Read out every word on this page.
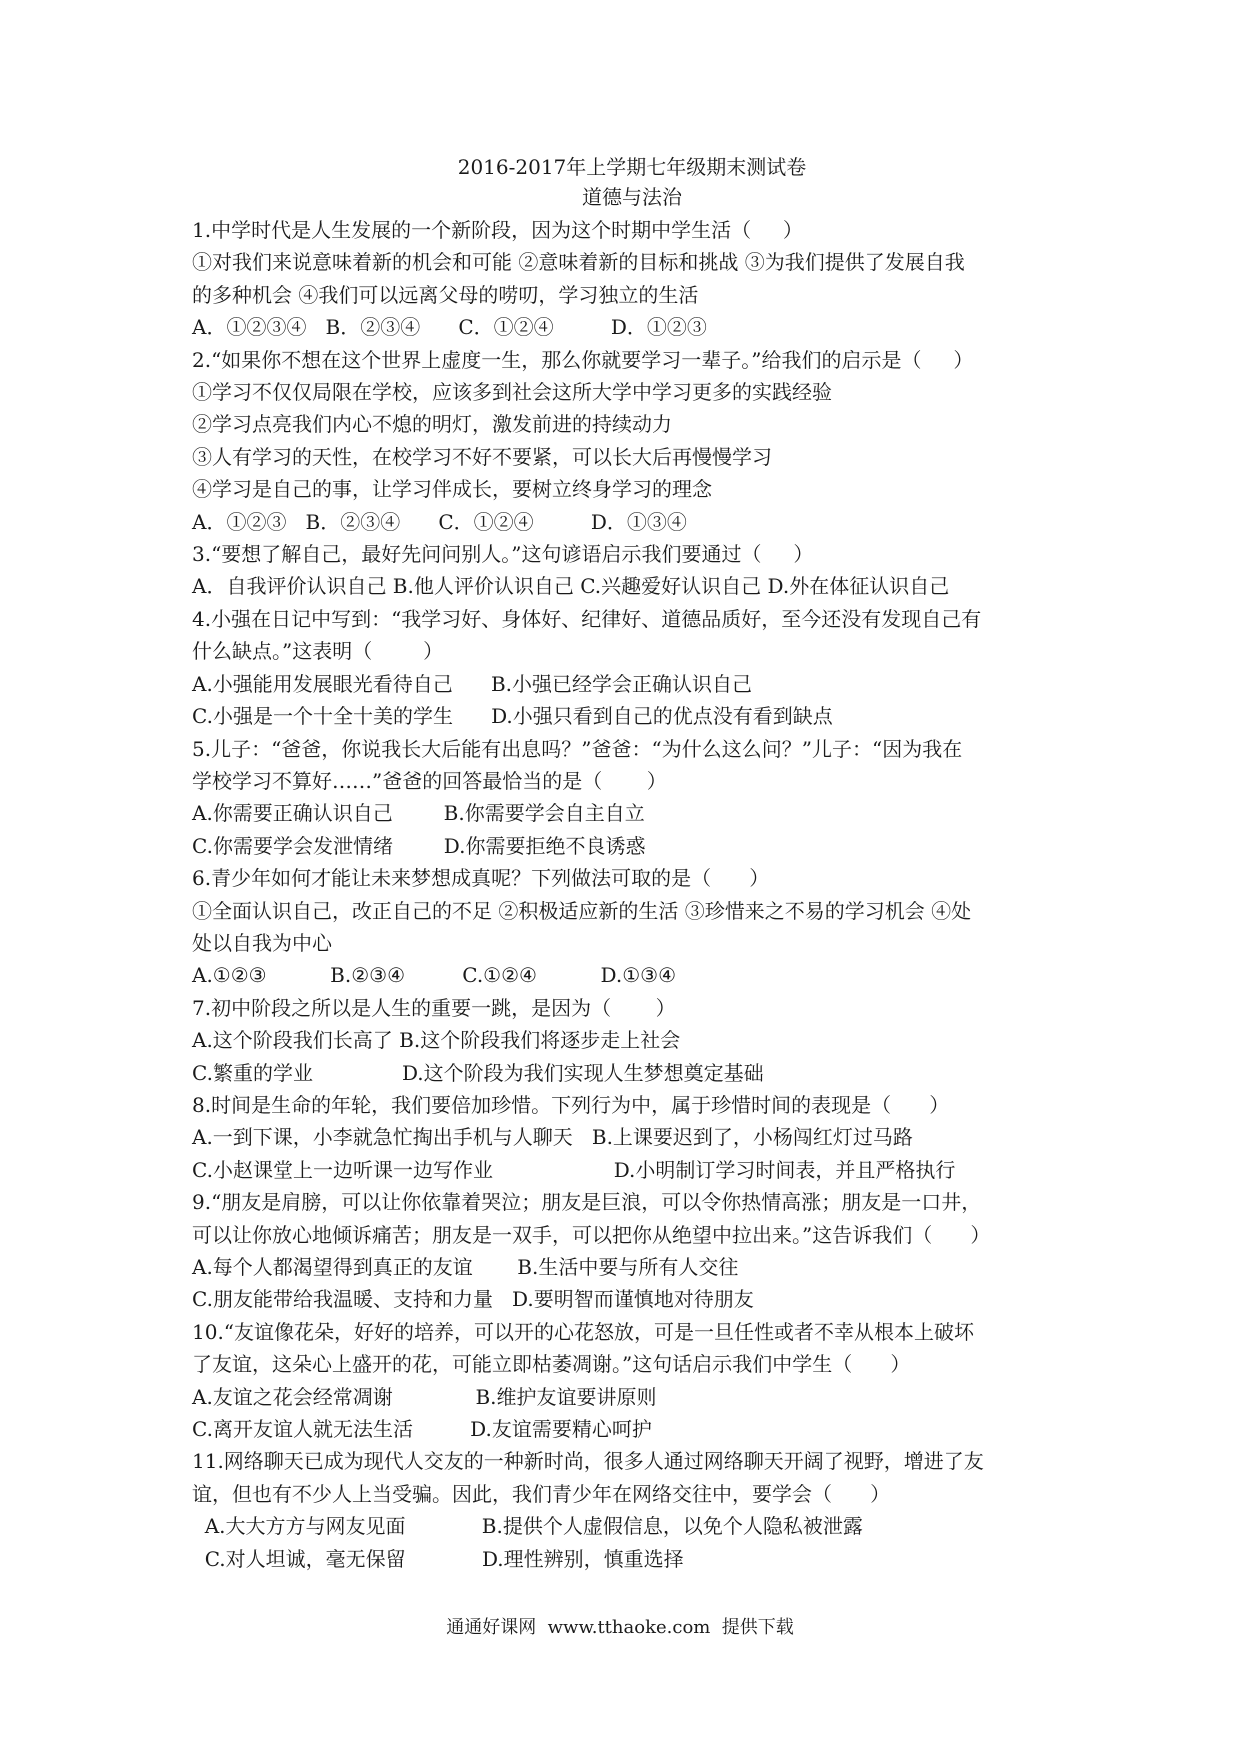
2016-2017年上学期七年级期末测试卷
道德与法治
1.中学时代是人生发展的一个新阶段，因为这个时期中学生活（     ）
①对我们来说意味着新的机会和可能 ②意味着新的目标和挑战 ③为我们提供了发展自我
的多种机会 ④我们可以远离父母的唠叨，学习独立的生活
A．①②③④   B．②③④      C．①②④         D．①②③
2.“如果你不想在这个世界上虚度一生，那么你就要学习一辈子。”给我们的启示是（     ）
①学习不仅仅局限在学校，应该多到社会这所大学中学习更多的实践经验
②学习点亮我们内心不熄的明灯，激发前进的持续动力
③人有学习的天性，在校学习不好不要紧，可以长大后再慢慢学习
④学习是自己的事，让学习伴成长，要树立终身学习的理念
A．①②③   B．②③④      C．①②④         D．①③④
3.“要想了解自己，最好先问问别人。”这句谚语启示我们要通过（     ）
A．自我评价认识自己 B.他人评价认识自己 C.兴趣爱好认识自己 D.外在体征认识自己
4.小强在日记中写到：“我学习好、身体好、纪律好、道德品质好，至今还没有发现自己有
什么缺点。”这表明（        ）
A.小强能用发展眼光看待自己      B.小强已经学会正确认识自己
C.小强是一个十全十美的学生      D.小强只看到自己的优点没有看到缺点
5.儿子：“爸爸，你说我长大后能有出息吗？”爸爸：“为什么这么问？”儿子：“因为我在
学校学习不算好……”爸爸的回答最恰当的是（       ）
A.你需要正确认识自己        B.你需要学会自主自立
C.你需要学会发泄情绪        D.你需要拒绝不良诱惑
6.青少年如何才能让未来梦想成真呢？下列做法可取的是（      ）
①全面认识自己，改正自己的不足 ②积极适应新的生活 ③珍惜来之不易的学习机会 ④处
处以自我为中心
A.①②③          B.②③④         C.①②④          D.①③④
7.初中阶段之所以是人生的重要一跳，是因为（       ）
A.这个阶段我们长高了 B.这个阶段我们将逐步走上社会
C.繁重的学业              D.这个阶段为我们实现人生梦想奠定基础
8.时间是生命的年轮，我们要倍加珍惜。下列行为中，属于珍惜时间的表现是（      ）
A.一到下课，小李就急忙掏出手机与人聊天   B.上课要迟到了，小杨闯红灯过马路
C.小赵课堂上一边听课一边写作业                   D.小明制订学习时间表，并且严格执行
9.“朋友是肩膀，可以让你依靠着哭泣；朋友是巨浪，可以令你热情高涨；朋友是一口井，
可以让你放心地倾诉痛苦；朋友是一双手，可以把你从绝望中拉出来。”这告诉我们（      ）
A.每个人都渴望得到真正的友谊       B.生活中要与所有人交往
C.朋友能带给我温暖、支持和力量   D.要明智而谨慎地对待朋友
10.“友谊像花朵，好好的培养，可以开的心花怒放，可是一旦任性或者不幸从根本上破坏
了友谊，这朵心上盛开的花，可能立即枯萎凋谢。”这句话启示我们中学生（      ）
A.友谊之花会经常凋谢             B.维护友谊要讲原则
C.离开友谊人就无法生活         D.友谊需要精心呵护
11.网络聊天已成为现代人交友的一种新时尚，很多人通过网络聊天开阔了视野，增进了友
谊，但也有不少人上当受骗。因此，我们青少年在网络交往中，要学会（      ）
A.大大方方与网友见面            B.提供个人虚假信息，以免个人隐私被泄露
C.对人坦诚，毫无保留            D.理性辨别，慎重选择
通通好课网  www.tthaoke.com  提供下载
